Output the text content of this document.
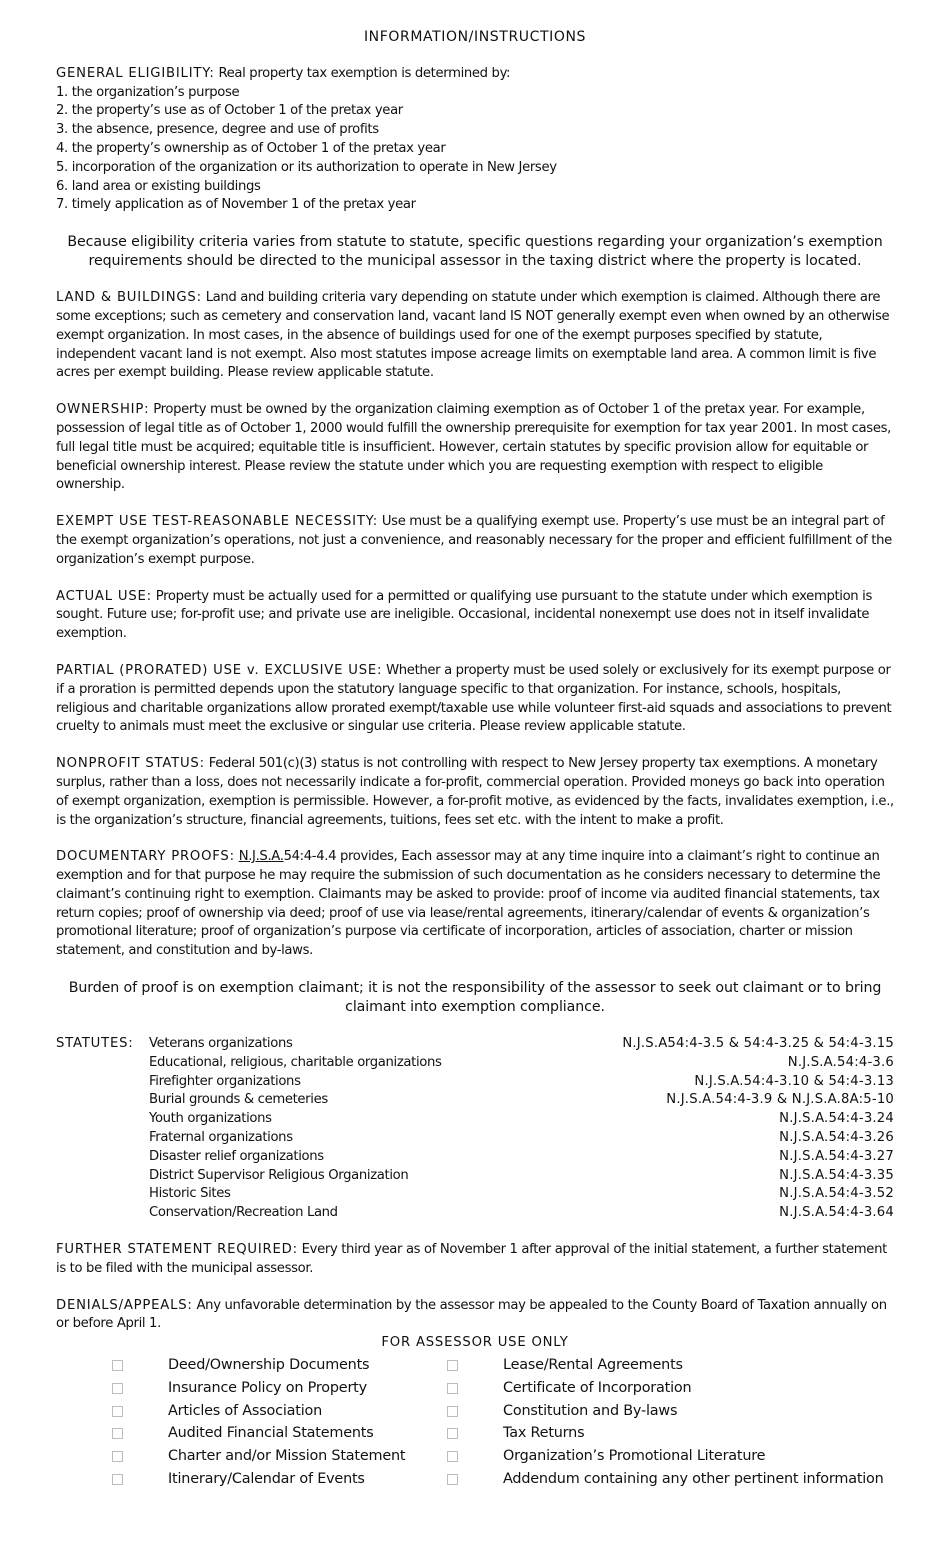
INFORMATION/INSTRUCTIONS
GENERAL ELIGIBILITY: Real property tax exemption is determined by:
1. the organization’s purpose
2. the property’s use as of October 1 of the pretax year
3. the absence, presence, degree and use of profits
4. the property’s ownership as of October 1 of the pretax year
5. incorporation of the organization or its authorization to operate in New Jersey
6. land area or existing buildings
7. timely application as of November 1 of the pretax year
Because eligibility criteria varies from statute to statute, specific questions regarding your organization’s exemption requirements should be directed to the municipal assessor in the taxing district where the property is located.
LAND & BUILDINGS: Land and building criteria vary depending on statute under which exemption is claimed. Although there are some exceptions; such as cemetery and conservation land, vacant land IS NOT generally exempt even when owned by an otherwise exempt organization. In most cases, in the absence of buildings used for one of the exempt purposes specified by statute, independent vacant land is not exempt. Also most statutes impose acreage limits on exemptable land area. A common limit is five acres per exempt building. Please review applicable statute.
OWNERSHIP: Property must be owned by the organization claiming exemption as of October 1 of the pretax year. For example, possession of legal title as of October 1, 2000 would fulfill the ownership prerequisite for exemption for tax year 2001. In most cases, full legal title must be acquired; equitable title is insufficient. However, certain statutes by specific provision allow for equitable or beneficial ownership interest. Please review the statute under which you are requesting exemption with respect to eligible ownership.
EXEMPT USE TEST-REASONABLE NECESSITY: Use must be a qualifying exempt use. Property’s use must be an integral part of the exempt organization’s operations, not just a convenience, and reasonably necessary for the proper and efficient fulfillment of the organization’s exempt purpose.
ACTUAL USE: Property must be actually used for a permitted or qualifying use pursuant to the statute under which exemption is sought. Future use; for-profit use; and private use are ineligible. Occasional, incidental nonexempt use does not in itself invalidate exemption.
PARTIAL (PRORATED) USE v. EXCLUSIVE USE: Whether a property must be used solely or exclusively for its exempt purpose or if a proration is permitted depends upon the statutory language specific to that organization. For instance, schools, hospitals, religious and charitable organizations allow prorated exempt/taxable use while volunteer first-aid squads and associations to prevent cruelty to animals must meet the exclusive or singular use criteria. Please review applicable statute.
NONPROFIT STATUS: Federal 501(c)(3) status is not controlling with respect to New Jersey property tax exemptions. A monetary surplus, rather than a loss, does not necessarily indicate a for-profit, commercial operation. Provided moneys go back into operation of exempt organization, exemption is permissible. However, a for-profit motive, as evidenced by the facts, invalidates exemption, i.e., is the organization’s structure, financial agreements, tuitions, fees set etc. with the intent to make a profit.
DOCUMENTARY PROOFS: N.J.S.A.54:4-4.4 provides, Each assessor may at any time inquire into a claimant’s right to continue an exemption and for that purpose he may require the submission of such documentation as he considers necessary to determine the claimant’s continuing right to exemption. Claimants may be asked to provide: proof of income via audited financial statements, tax return copies; proof of ownership via deed; proof of use via lease/rental agreements, itinerary/calendar of events & organization’s promotional literature; proof of organization’s purpose via certificate of incorporation, articles of association, charter or mission statement, and constitution and by-laws.
Burden of proof is on exemption claimant; it is not the responsibility of the assessor to seek out claimant or to bring claimant into exemption compliance.
STATUTES:	Veterans organizations	N.J.S.A54:4-3.5 & 54:4-3.25 & 54:4-3.15
Educational, religious, charitable organizations	N.J.S.A.54:4-3.6
Firefighter organizations	N.J.S.A.54:4-3.10 & 54:4-3.13
Burial grounds & cemeteries	N.J.S.A.54:4-3.9 & N.J.S.A.8A:5-10
Youth organizations	N.J.S.A.54:4-3.24
Fraternal organizations	N.J.S.A.54:4-3.26
Disaster relief organizations	N.J.S.A.54:4-3.27
District Supervisor Religious Organization	N.J.S.A.54:4-3.35
Historic Sites	N.J.S.A.54:4-3.52
Conservation/Recreation Land	N.J.S.A.54:4-3.64
FURTHER STATEMENT REQUIRED: Every third year as of November 1 after approval of the initial statement, a further statement is to be filed with the municipal assessor.
DENIALS/APPEALS: Any unfavorable determination by the assessor may be appealed to the County Board of Taxation annually on or before April 1.
FOR ASSESSOR USE ONLY
Deed/Ownership Documents	Lease/Rental Agreements
Insurance Policy on Property	Certificate of Incorporation
Articles of Association	Constitution and By-laws
Audited Financial Statements	Tax Returns
Charter and/or Mission Statement	Organization’s Promotional Literature
Itinerary/Calendar of Events	Addendum containing any other pertinent information
